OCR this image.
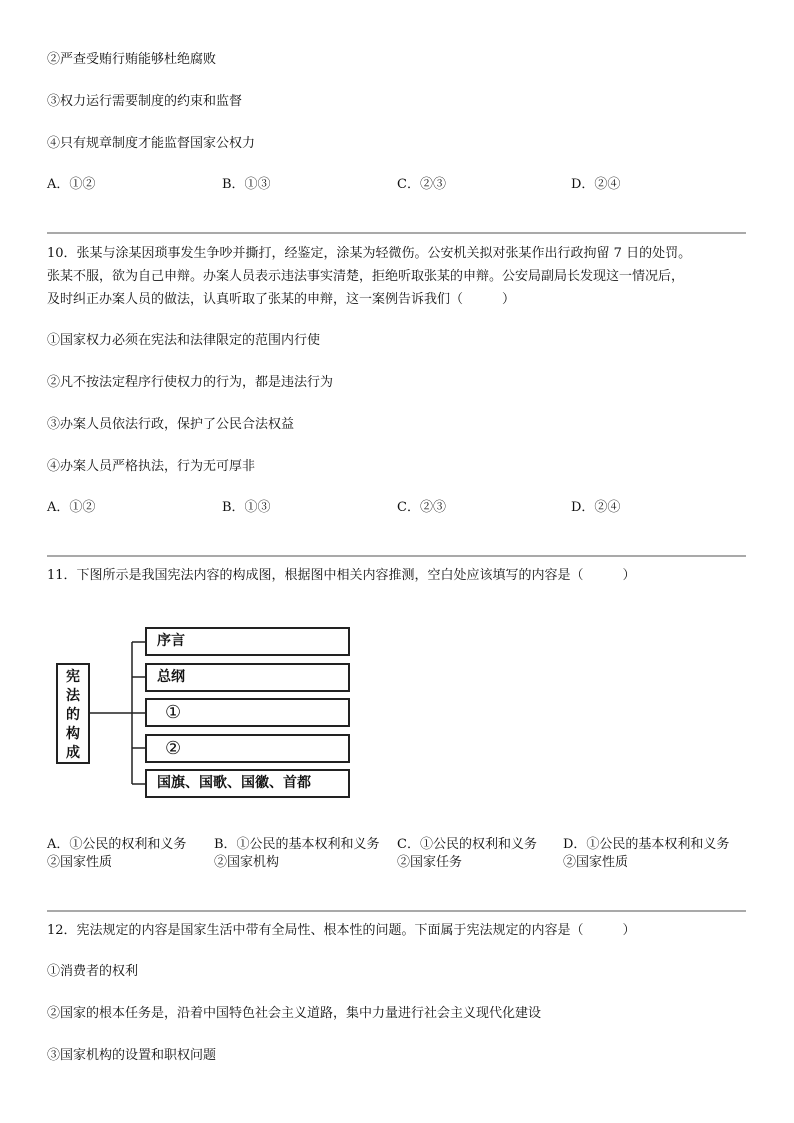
②严查受贿行贿能够杜绝腐败
③权力运行需要制度的约束和监督
④只有规章制度才能监督国家公权力
A．①②	B．①③	C．②③	D．②④
10．张某与涂某因琐事发生争吵并撕打，经鉴定，涂某为轻微伤。公安机关拟对张某作出行政拘留 7 日的处罚。
张某不服，欲为自己申辩。办案人员表示违法事实清楚，拒绝听取张某的申辩。公安局副局长发现这一情况后，
及时纠正办案人员的做法，认真听取了张某的申辩，这一案例告诉我们（　　　）
①国家权力必须在宪法和法律限定的范围内行使
②凡不按法定程序行使权力的行为，都是违法行为
③办案人员依法行政，保护了公民合法权益
④办案人员严格执法，行为无可厚非
A．①②	B．①③	C．②③	D．②④
11．下图所示是我国宪法内容的构成图，根据图中相关内容推测，空白处应该填写的内容是（　　　）
宪
法
的
构
成
序言
总纲
①
②
国旗、国歌、国徽、首都
A．①公民的权利和义务
②国家性质
B．①公民的基本权利和义务
②国家机构
C．①公民的权利和义务
②国家任务
D．①公民的基本权利和义务
②国家性质
12．宪法规定的内容是国家生活中带有全局性、根本性的问题。下面属于宪法规定的内容是（　　　）
①消费者的权利
②国家的根本任务是，沿着中国特色社会主义道路，集中力量进行社会主义现代化建设
③国家机构的设置和职权问题
